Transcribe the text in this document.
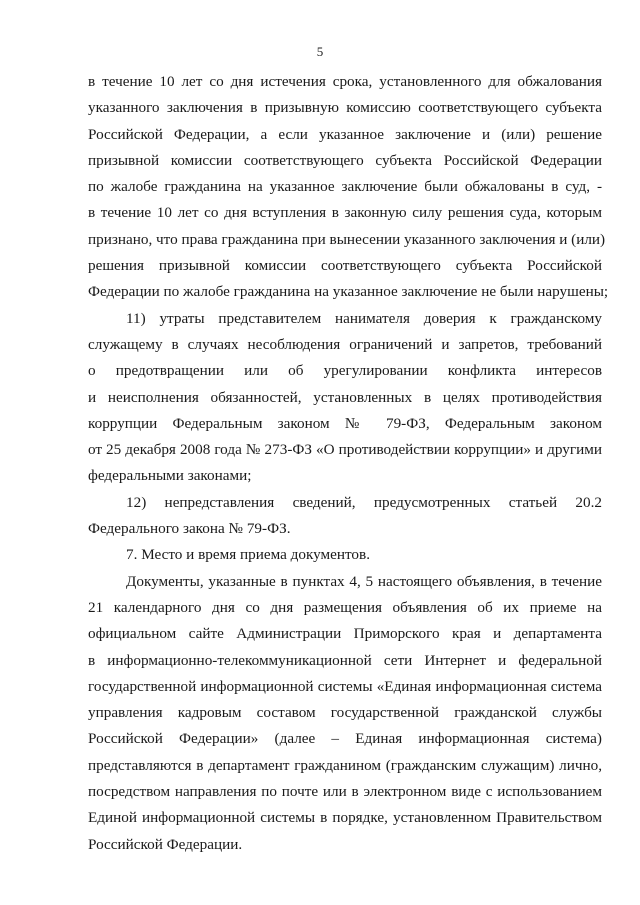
5
в течение 10 лет со дня истечения срока, установленного для обжалования
указанного заключения в призывную комиссию соответствующего субъекта
Российской Федерации, а если указанное заключение и (или) решение
призывной комиссии соответствующего субъекта Российской Федерации
по жалобе гражданина на указанное заключение были обжалованы в суд, -
в течение 10 лет со дня вступления в законную силу решения суда, которым
признано, что права гражданина при вынесении указанного заключения и (или)
решения призывной комиссии соответствующего субъекта Российской
Федерации по жалобе гражданина на указанное заключение не были нарушены;
11) утраты представителем нанимателя доверия к гражданскому
служащему в случаях несоблюдения ограничений и запретов, требований
о предотвращении или об урегулировании конфликта интересов
и неисполнения обязанностей, установленных в целях противодействия
коррупции Федеральным законом № 79-ФЗ, Федеральным законом
от 25 декабря 2008 года № 273-ФЗ «О противодействии коррупции» и другими
федеральными законами;
12) непредставления сведений, предусмотренных статьей 20.2
Федерального закона № 79-ФЗ.
7. Место и время приема документов.
Документы, указанные в пунктах 4, 5 настоящего объявления, в течение
21 календарного дня со дня размещения объявления об их приеме на
официальном сайте Администрации Приморского края и департамента
в информационно-телекоммуникационной сети Интернет и федеральной
государственной информационной системы «Единая информационная система
управления кадровым составом государственной гражданской службы
Российской Федерации» (далее – Единая информационная система)
представляются в департамент гражданином (гражданским служащим) лично,
посредством направления по почте или в электронном виде с использованием
Единой информационной системы в порядке, установленном Правительством
Российской Федерации.
